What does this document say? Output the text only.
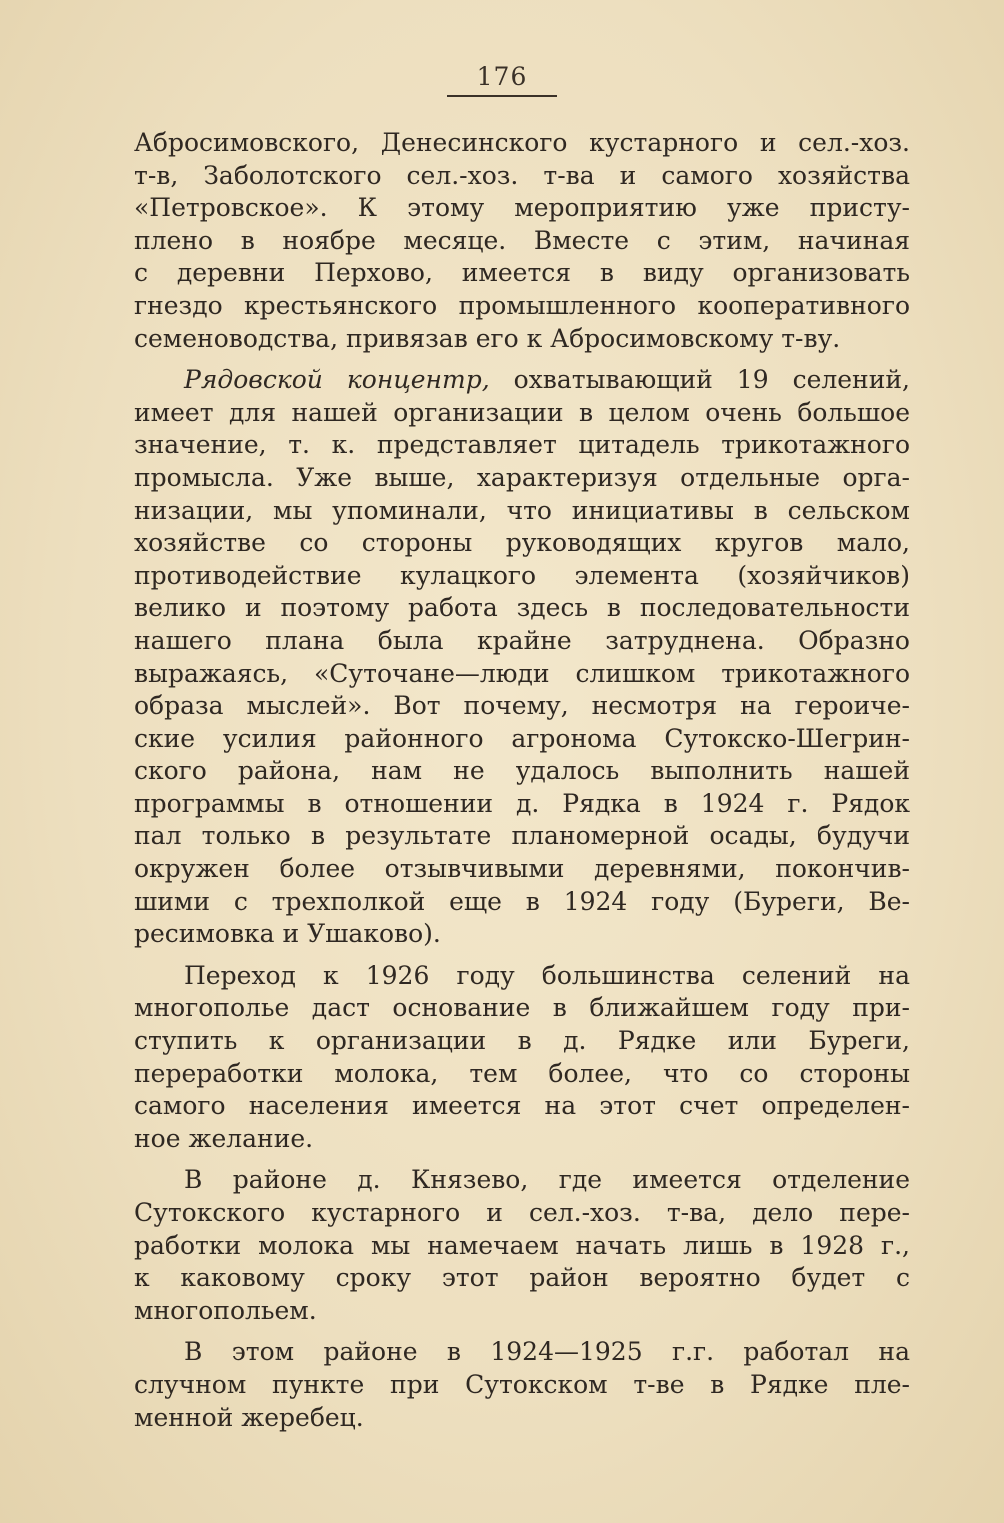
176
Абросимовского, Денесинского кустарного и сел.-хоз.
т-в, Заболотского сел.-хоз. т-ва и самого хозяйства
«Петровское». К этому мероприятию уже присту-
плено в ноябре месяце. Вместе с этим, начиная
с деревни Перхово, имеется в виду организовать
гнездо крестьянского промышленного кооперативного
семеноводства, привязав его к Абросимовскому т-ву.
Рядовской концентр, охватывающий 19 селений,
имеет для нашей организации в целом очень большое
значение, т. к. представляет цитадель трикотажного
промысла. Уже выше, характеризуя отдельные орга-
низации, мы упоминали, что инициативы в сельском
хозяйстве со стороны руководящих кругов мало,
противодействие кулацкого элемента (хозяйчиков)
велико и поэтому работа здесь в последовательности
нашего плана была крайне затруднена. Образно
выражаясь, «Суточане—люди слишком трикотажного
образа мыслей». Вот почему, несмотря на героиче-
ские усилия районного агронома Сутокско-Шегрин-
ского района, нам не удалось выполнить нашей
программы в отношении д. Рядка в 1924 г. Рядок
пал только в результате планомерной осады, будучи
окружен более отзывчивыми деревнями, покончив-
шими с трехполкой еще в 1924 году (Буреги, Ве-
ресимовка и Ушаково).
Переход к 1926 году большинства селений на
многополье даст основание в ближайшем году при-
ступить к организации в д. Рядке или Буреги,
переработки молока, тем более, что со стороны
самого населения имеется на этот счет определен-
ное желание.
В районе д. Князево, где имеется отделение
Сутокского кустарного и сел.-хоз. т-ва, дело пере-
работки молока мы намечаем начать лишь в 1928 г.,
к каковому сроку этот район вероятно будет с
многопольем.
В этом районе в 1924—1925 г.г. работал на
случном пункте при Сутокском т-ве в Рядке пле-
менной жеребец.
